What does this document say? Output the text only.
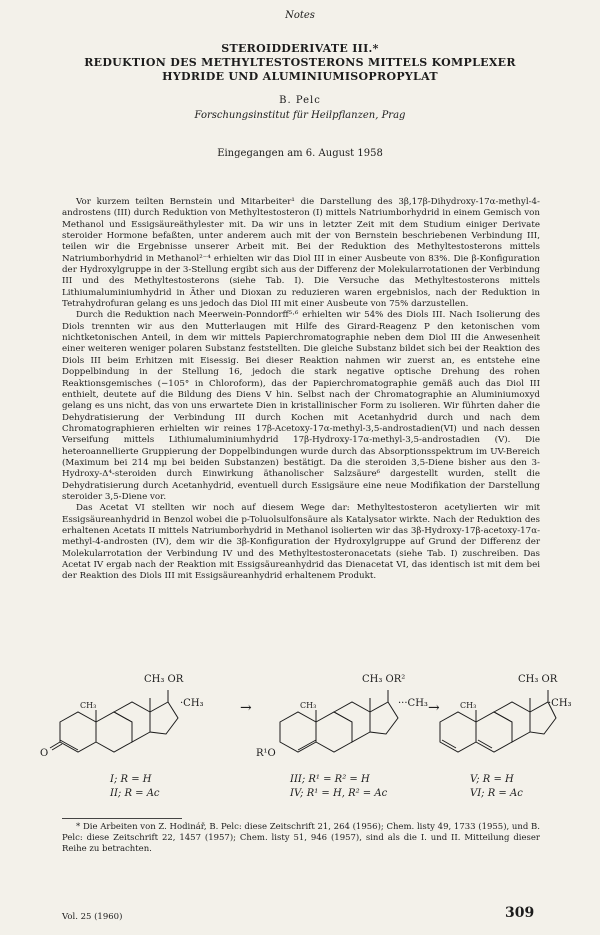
Notes
STEROIDDERIVATE III.*
REDUKTION DES METHYLTESTOSTERONS MITTELS KOMPLEXER
HYDRIDE UND ALUMINIUMISOPROPYLAT
B. Pelc
Forschungsinstitut für Heilpflanzen, Prag
Eingegangen am 6. August 1958

Vor kurzem teilten Bernstein und Mitarbeiter¹ die Darstellung des 3β,17β-Dihydroxy-17α-methyl-4-androstens (III) durch Reduktion von Methyltestosteron (I) mittels Natriumborhydrid in einem Gemisch von Methanol und Essigsäureäthylester mit. Da wir uns in letzter Zeit mit dem Studium einiger Derivate steroider Hormone befaßten, unter anderem auch mit der von Bernstein beschriebenen Verbindung III, teilen wir die Ergebnisse unserer Arbeit mit. Bei der Reduktion des Methyltestosterons mittels Natriumborhydrid in Methanol²⁻⁴ erhielten wir das Diol III in einer Ausbeute von 83%. Die β-Konfiguration der Hydroxylgruppe in der 3-Stellung ergibt sich aus der Differenz der Molekularrotationen der Verbindung III und des Methyltestosterons (siehe Tab. I). Die Versuche das Methyltestosterons mittels Lithiumaluminiumhydrid in Äther und Dioxan zu reduzieren waren ergebnislos, nach der Reduktion in Tetrahydrofuran gelang es uns jedoch das Diol III mit einer Ausbeute von 75% darzustellen.

Durch die Reduktion nach Meerwein-Ponndorff⁵·⁶ erhielten wir 54% des Diols III. Nach Isolierung des Diols trennten wir aus den Mutterlaugen mit Hilfe des Girard-Reagenz P den ketonischen vom nichtketonischen Anteil, in dem wir mittels Papierchromatographie neben dem Diol III die Anwesenheit einer weiteren weniger polaren Substanz feststellten. Die gleiche Substanz bildet sich bei der Reaktion des Diols III beim Erhitzen mit Eisessig. Bei dieser Reaktion nahmen wir zuerst an, es entstehe eine Doppelbindung in der Stellung 16, jedoch die stark negative optische Drehung des rohen Reaktionsgemisches (−105° in Chloroform), das der Papierchromatographie gemäß auch das Diol III enthielt, deutete auf die Bildung des Diens V hin. Selbst nach der Chromatographie an Aluminiumoxyd gelang es uns nicht, das von uns erwartete Dien in kristallinischer Form zu isolieren. Wir führten daher die Dehydratisierung der Verbindung III durch Kochen mit Acetanhydrid durch und nach dem Chromatographieren erhielten wir reines 17β-Acetoxy-17α-methyl-3,5-androstadien(VI) und nach dessen Verseifung mittels Lithiumaluminiumhydrid 17β-Hydroxy-17α-methyl-3,5-androstadien (V). Die heteroannellierte Gruppierung der Doppelbindungen wurde durch das Absorptionsspektrum im UV-Bereich (Maximum bei 214 mμ bei beiden Substanzen) bestätigt. Da die steroiden 3,5-Diene bisher aus den 3-Hydroxy-Δ⁴-steroiden durch Einwirkung äthanolischer Salzsäure⁶ dargestellt wurden, stellt die Dehydratisierung durch Acetanhydrid, eventuell durch Essigsäure eine neue Modifikation der Darstellung steroider 3,5-Diene vor.

Das Acetat VI stellten wir noch auf diesem Wege dar: Methyltestosteron acetylierten wir mit Essigsäureanhydrid in Benzol wobei die p-Toluolsulfonsäure als Katalysator wirkte. Nach der Reduktion des erhaltenen Acetats II mittels Natriumborhydrid in Methanol isolierten wir das 3β-Hydroxy-17β-acetoxy-17α-methyl-4-androsten (IV), dem wir die 3β-Konfiguration der Hydroxylgruppe auf Grund der Differenz der Molekularrotation der Verbindung IV und des Methyltestosteronacetats (siehe Tab. I) zuschreiben. Das Acetat IV ergab nach der Reaktion mit Essigsäureanhydrid das Dienacetat VI, das identisch ist mit dem bei der Reaktion des Diols III mit Essigsäureanhydrid erhaltenem Produkt.

CH₃ OR
·CH₃
CH₃
O
I; R = H
II; R = Ac
→
CH₃ OR²
···CH₃
CH₃
R¹O
III; R¹ = R² = H
IV; R¹ = H, R² = Ac
→
CH₃ OR
·CH₃
CH₃
V; R = H
VI; R = Ac
* Die Arbeiten von Z. Hodinář, B. Pelc: diese Zeitschrift 21, 264 (1956); Chem. listy 49, 1733 (1955), und B. Pelc: diese Zeitschrift 22, 1457 (1957); Chem. listy 51, 946 (1957), sind als die I. und II. Mitteilung dieser Reihe zu betrachten.
Vol. 25 (1960)	309
